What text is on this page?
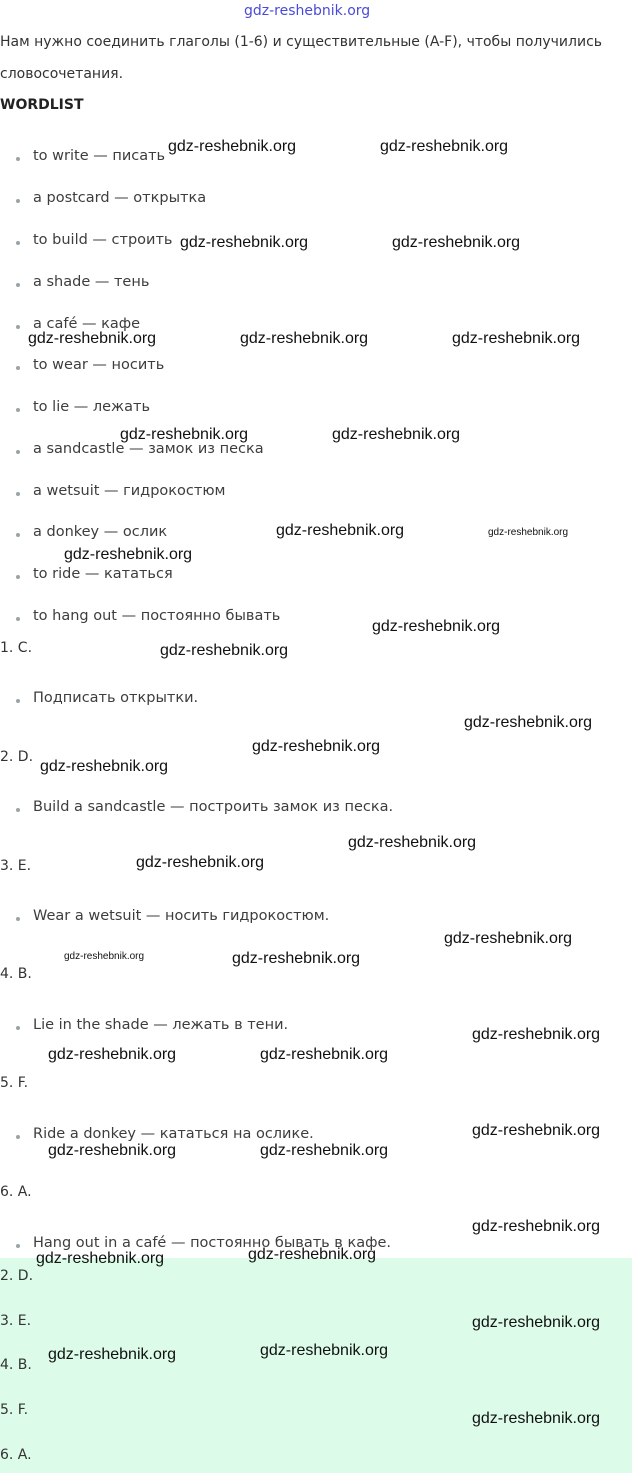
gdz-reshebnik.org
Нам нужно соединить глаголы (1-6) и существительные (A-F), чтобы получились
словосочетания.
WORDLIST
to write — писать
a postcard — открытка
to build — строить
a shade — тень
a café — кафе
to wear — носить
to lie — лежать
a sandcastle — замок из песка
a wetsuit — гидрокостюм
a donkey — ослик
to ride — кататься
to hang out — постоянно бывать
1. C.
Подписать открытки.
2. D.
Build a sandcastle — построить замок из песка.
3. E.
Wear a wetsuit — носить гидрокостюм.
4. B.
Lie in the shade — лежать в тени.
5. F.
Ride a donkey — кататься на ослике.
6. A.
Hang out in a café — постоянно бывать в кафе.
2. D.
3. E.
4. B.
5. F.
6. A.
gdz-reshebnik.org	gdz-reshebnik.org
gdz-reshebnik.org	gdz-reshebnik.org
gdz-reshebnik.org	gdz-reshebnik.org	gdz-reshebnik.org
gdz-reshebnik.org	gdz-reshebnik.org
gdz-reshebnik.org	gdz-reshebnik.org
gdz-reshebnik.org
gdz-reshebnik.org
gdz-reshebnik.org
gdz-reshebnik.org
gdz-reshebnik.org
gdz-reshebnik.org
gdz-reshebnik.org
gdz-reshebnik.org
gdz-reshebnik.org
gdz-reshebnik.org	gdz-reshebnik.org
gdz-reshebnik.org
gdz-reshebnik.org	gdz-reshebnik.org
gdz-reshebnik.org
gdz-reshebnik.org	gdz-reshebnik.org
gdz-reshebnik.org
gdz-reshebnik.org	gdz-reshebnik.org
gdz-reshebnik.org
gdz-reshebnik.org	gdz-reshebnik.org
gdz-reshebnik.org
